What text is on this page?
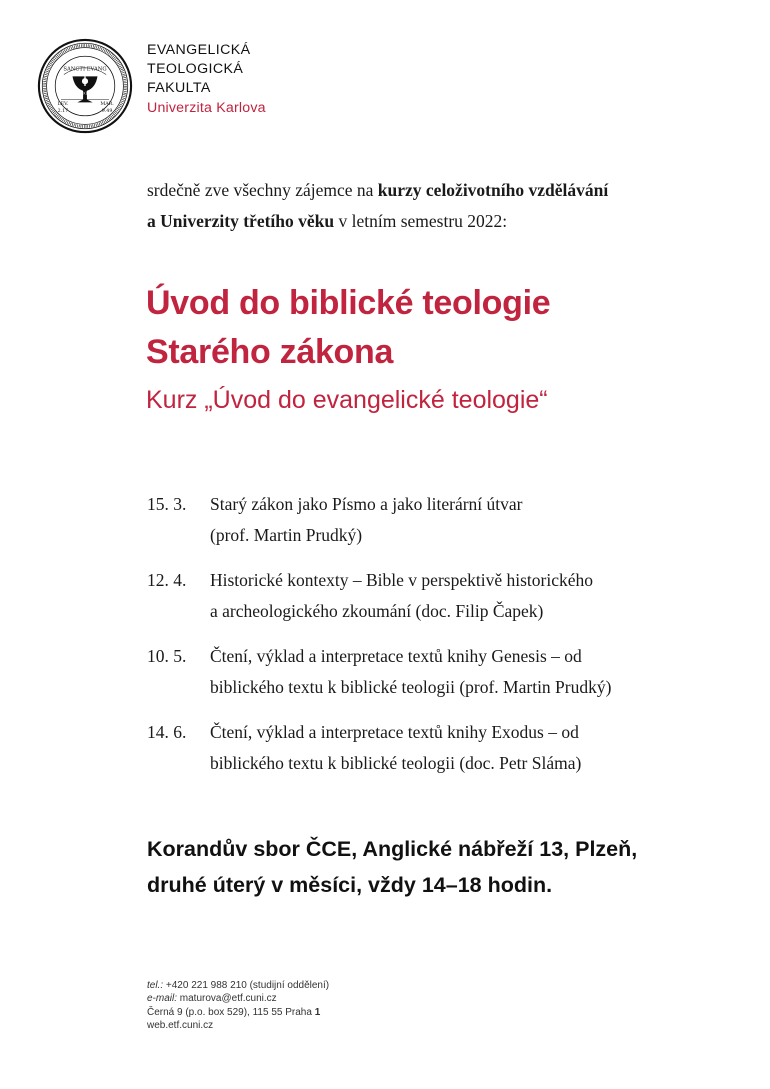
SANCTI·EVANG
1919
LEV.	MAR.
2.17	9.49
EVANGELICKÁ
TEOLOGICKÁ
FAKULTA
Univerzita Karlova
srdečně zve všechny zájemce na kurzy celoživotního vzdělávání
a Univerzity třetího věku v letním semestru 2022:
Úvod do biblické teologie
Starého zákona
Kurz „Úvod do evangelické teologie“
15. 3.	Starý zákon jako Písmo a jako literární útvar
(prof. Martin Prudký)
12. 4.	Historické kontexty – Bible v perspektivě historického
a archeologického zkoumání (doc. Filip Čapek)
10. 5.	Čtení, výklad a interpretace textů knihy Genesis – od
biblického textu k biblické teologii (prof. Martin Prudký)
14. 6.	Čtení, výklad a interpretace textů knihy Exodus – od
biblického textu k biblické teologii (doc. Petr Sláma)
Korandův sbor ČCE, Anglické nábřeží 13, Plzeň,
druhé úterý v měsíci, vždy 14–18 hodin.
tel.: +420 221 988 210 (studijní oddělení)
e-mail: maturova@etf.cuni.cz
Černá 9 (p.o. box 529), 115 55 Praha 1
web.etf.cuni.cz
